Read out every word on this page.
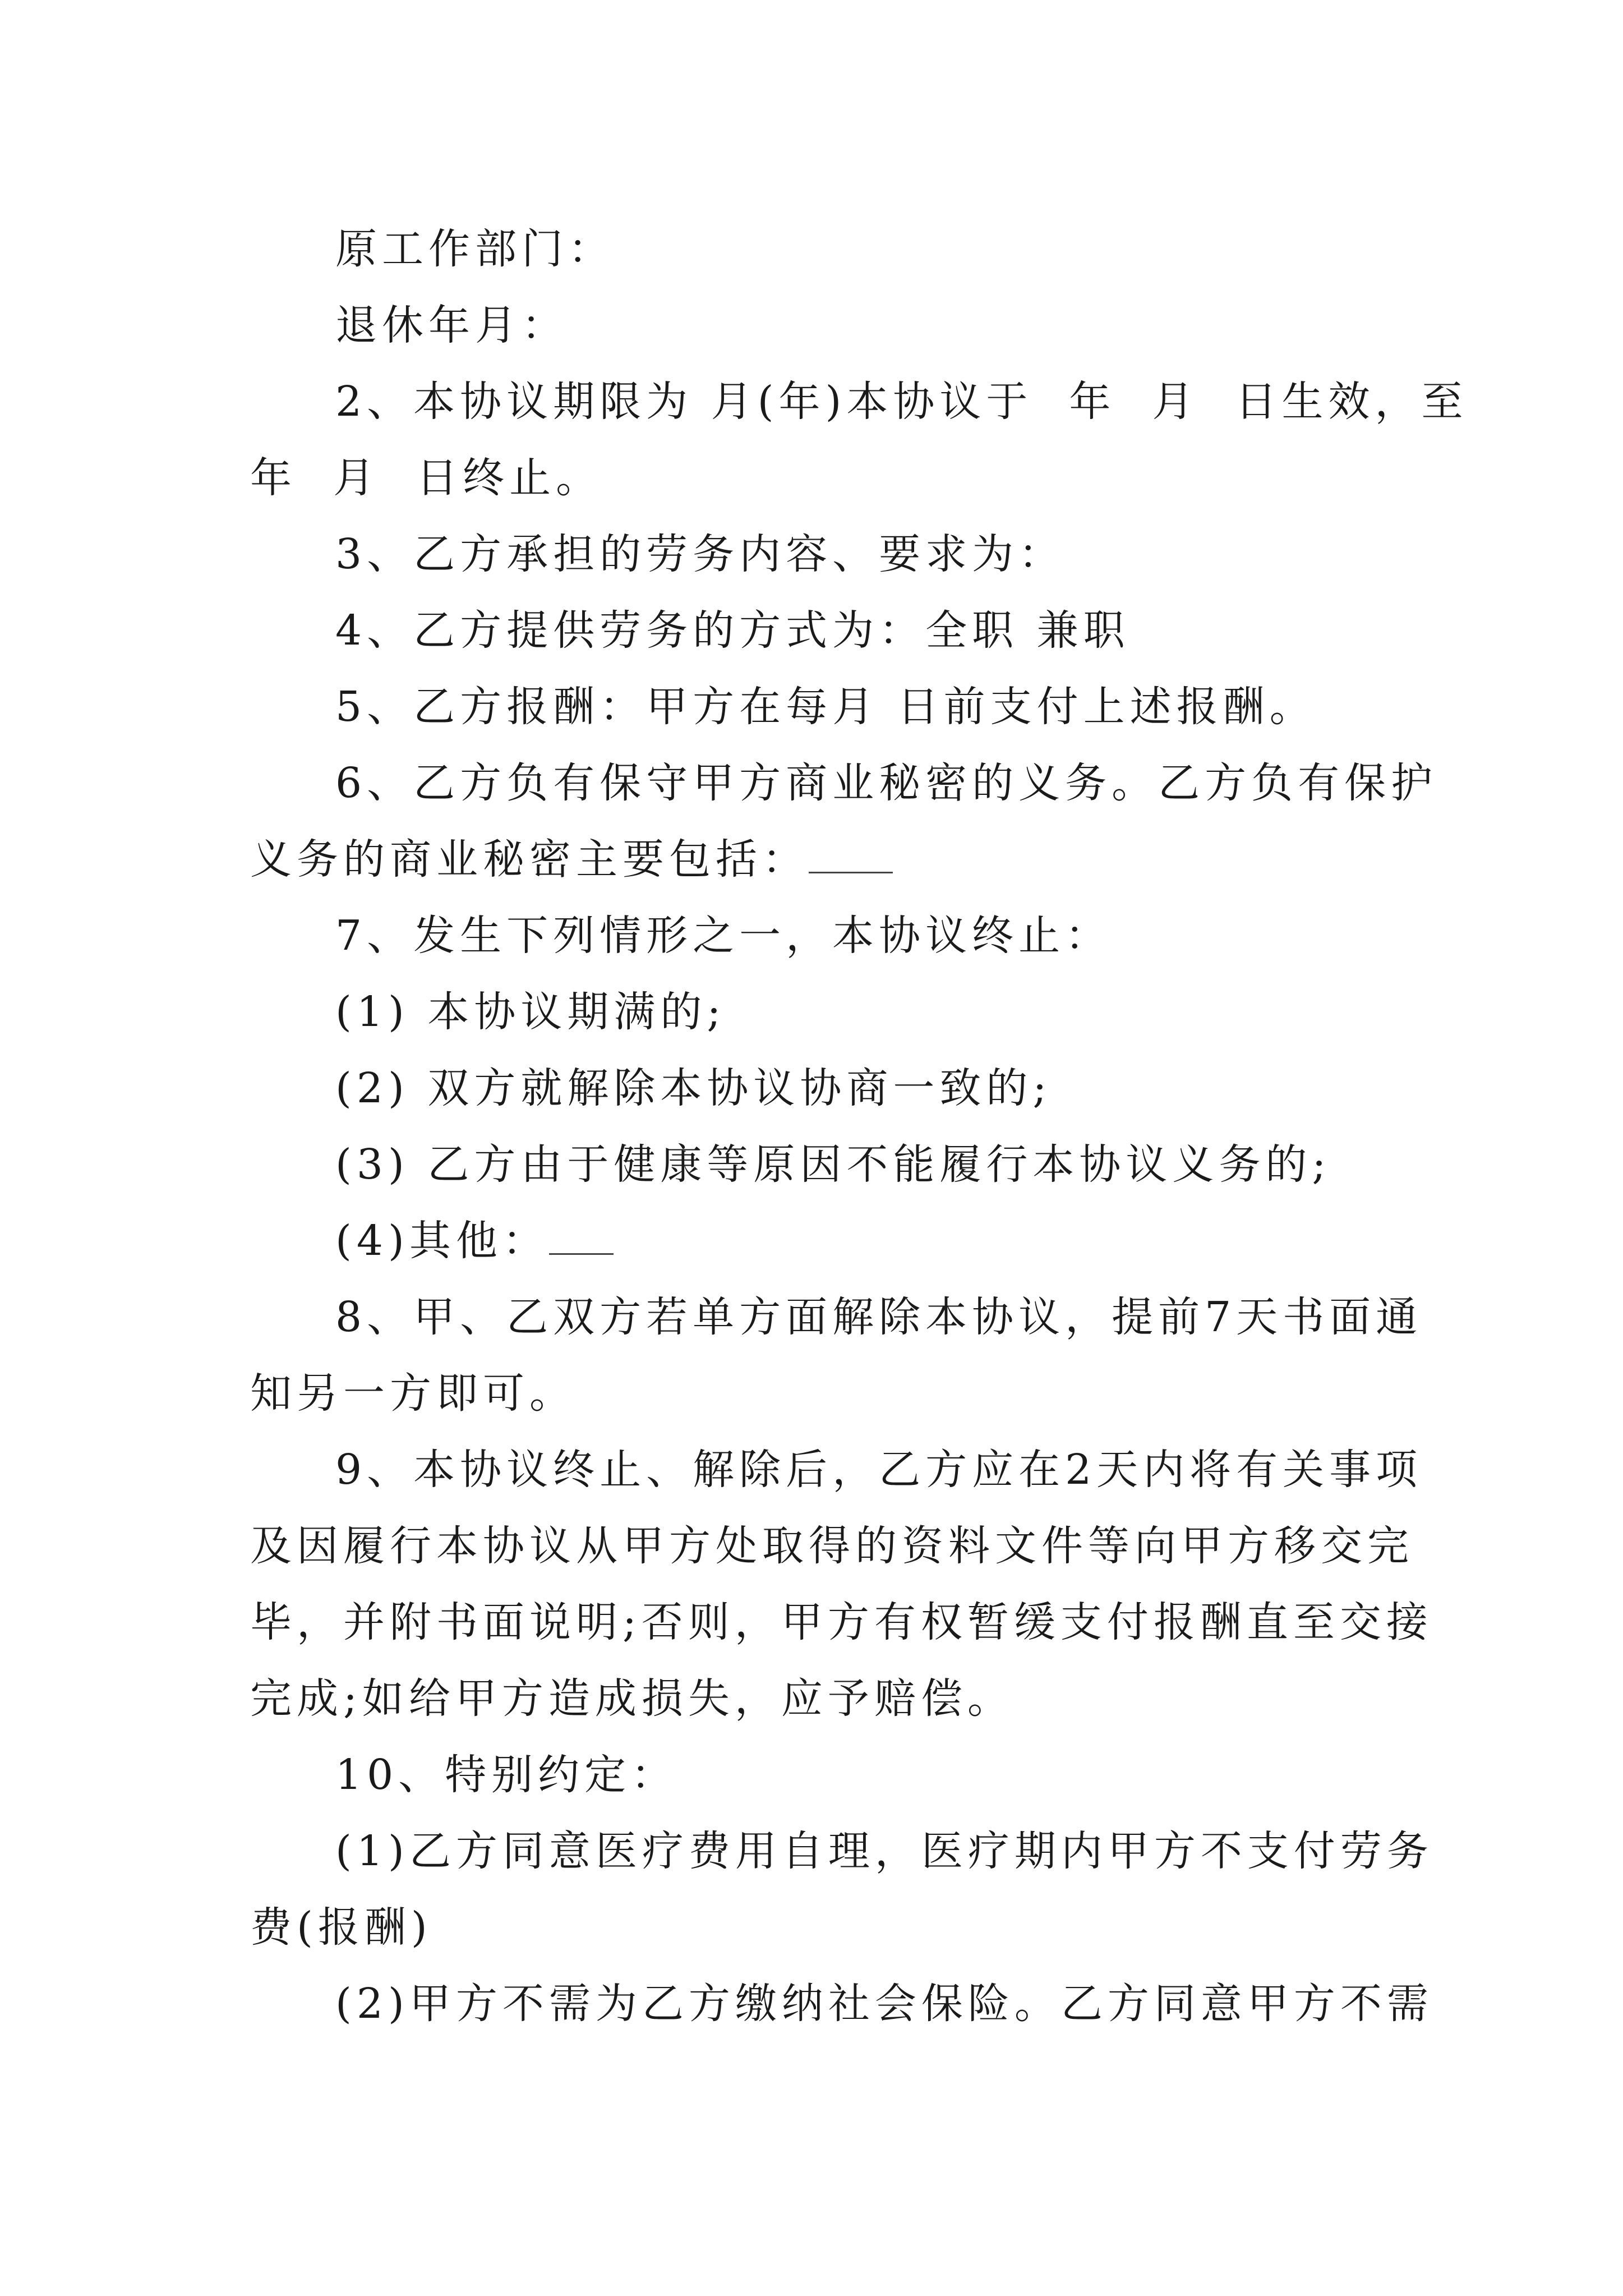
原工作部门：
退休年月：
2、本协议期限为 月(年)本协议于  年  月  日生效，至
年  月  日终止。
3、乙方承担的劳务内容、要求为：
4、乙方提供劳务的方式为：全职 兼职
5、乙方报酬：甲方在每月 日前支付上述报酬。
6、乙方负有保守甲方商业秘密的义务。乙方负有保护
义务的商业秘密主要包括：
7、发生下列情形之一，本协议终止：
(1) 本协议期满的;
(2) 双方就解除本协议协商一致的;
(3) 乙方由于健康等原因不能履行本协议义务的;
(4)其他：
8、甲、乙双方若单方面解除本协议，提前7天书面通
知另一方即可。
9、本协议终止、解除后，乙方应在2天内将有关事项
及因履行本协议从甲方处取得的资料文件等向甲方移交完
毕，并附书面说明;否则，甲方有权暂缓支付报酬直至交接
完成;如给甲方造成损失，应予赔偿。
10、特别约定：
(1)乙方同意医疗费用自理，医疗期内甲方不支付劳务
费(报酬)
(2)甲方不需为乙方缴纳社会保险。乙方同意甲方不需
